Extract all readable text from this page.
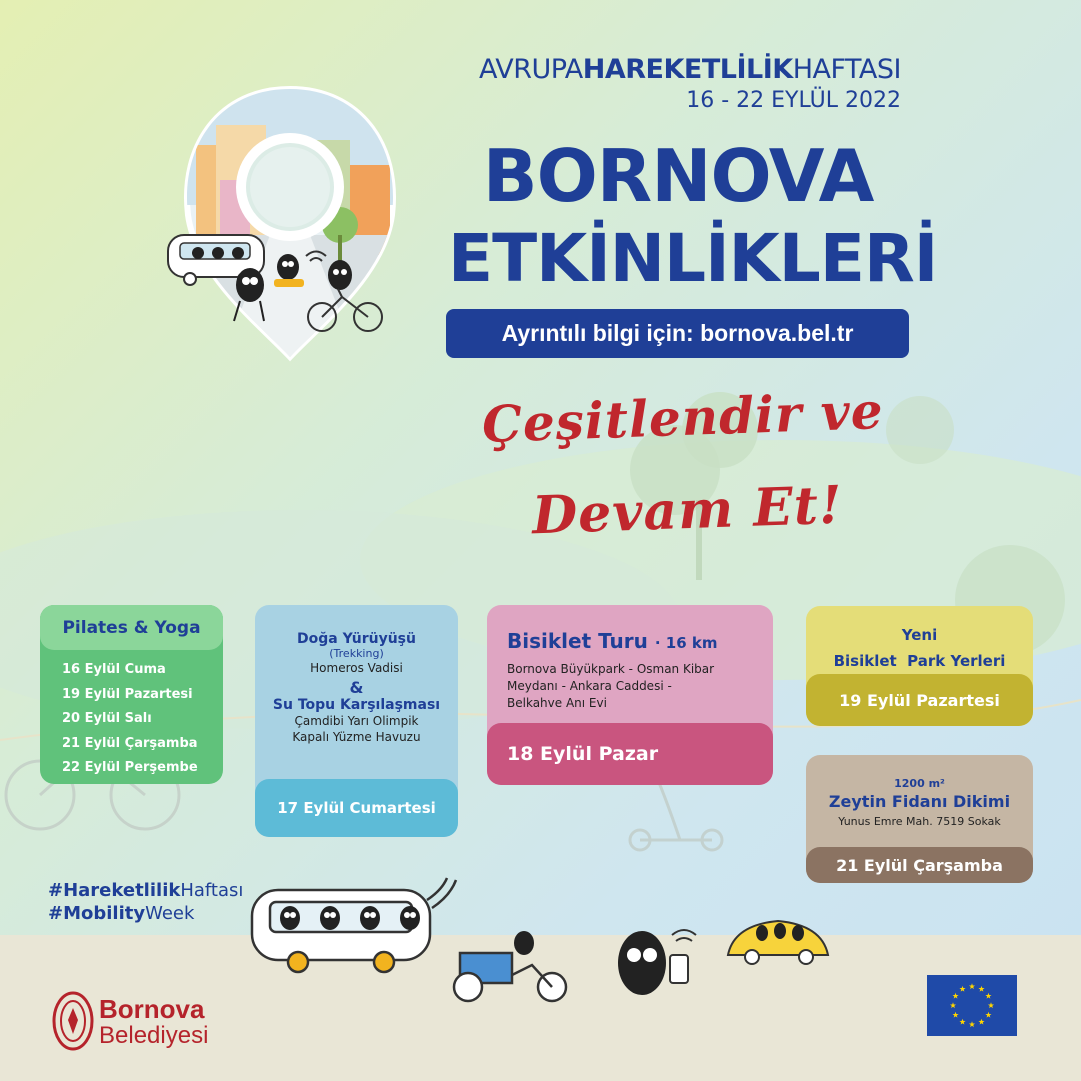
AVRUPAHAREKETLİLİKHAFTASI
16 - 22 EYLÜL 2022
BORNOVA
ETKİNLİKLERİ
Ayrıntılı bilgi için: bornova.bel.tr
Çeşitlendir ve
Devam Et!
Pilates & Yoga
16 Eylül Cuma
19 Eylül Pazartesi
20 Eylül Salı
21 Eylül Çarşamba
22 Eylül Perşembe
Doğa Yürüyüşü
(Trekking)
Homeros Vadisi
&
Su Topu Karşılaşması
Çamdibi Yarı Olimpik
Kapalı Yüzme Havuzu
17 Eylül Cumartesi
Bisiklet Turu · 16 km
Bornova Büyükpark - Osman Kibar
Meydanı - Ankara Caddesi -
Belkahve Anı Evi
18 Eylül Pazar
Yeni
Bisiklet  Park Yerleri
19 Eylül Pazartesi
1200 m²
Zeytin Fidanı Dikimi
Yunus Emre Mah. 7519 Sokak
21 Eylül Çarşamba
#HareketlilikHaftası
#MobilityWeek
Bornova
Belediyesi
